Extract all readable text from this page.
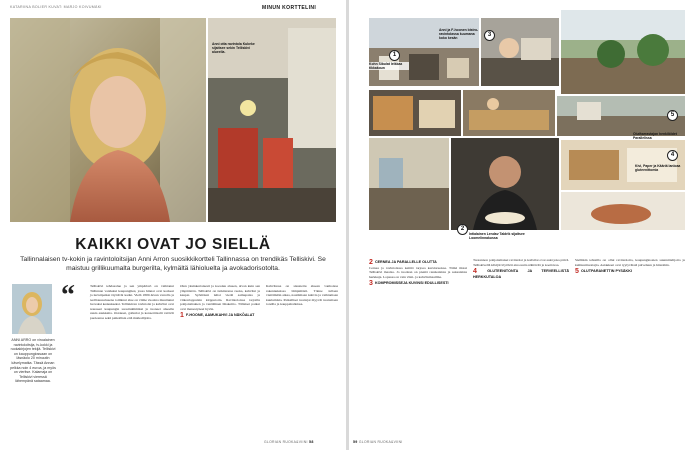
KATARIINA BOLIER KUVAT: MARJO KOIVUMÄKI	MINUN KORTTELINI
Anni otta ravintola Kukeke sijaitsee sekin Telliskivi alueella.
KAIKKI OVAT JO SIELLÄ
Tallinnalaisen tv-kokin ja ravintoloitsijan Anni Arron suosikkikortteli Tallinnassa on trendikäs Telliskivi. Se maistuu grillikuumalta burgerilta, kylmältä lähioluelta ja avokadorisotolta.
ANNI ARRO on viroalainen ravintoloitsija, tv-kokki ja ruokakirjojen tekijä. Telliskivi on kauppungiossaan on läsnäolo 20 minuutin kävelymatka. Tässä Annan pelkka noin 4 euroa, ja myös on vieritse. Kalamaja on Telliskivi vieressä lähempänä sataamaa.
“	Telliskivi tehdasalue ja sen ympäristö on vaihtanut Tallinnan vanhaksi kaupungiksi, jossa hinnat ovat korkeat ja turistipaikat täyttävät kadut. Vielä 1800-luvun varrella ja teollisuusalueena toiminut alue on viime vuosina muuttunut luovaksi keskukseksi. Telliskiven ravintolat ja kahvilat ovat nousseet kaupungin suosituimmiksi ja tuoneet alueelle uusia asukkaita. Ostokset, galleriat ja konserttisalit vetävät puoleensa sekä paikallisia että matkailijoita.
Olen yksinkertaisesti ja koostuu alueen, aivan kuin sen ympäristön. Telliskivi on tutkintonsa ruoka, kahvilat ja kaupat. Syömässä tulisi viedä aamupalaa ja viikonloppuisin kirpputoria. Ravintoloissa tarjoilla pohjoismainen ja venäläinen lihakeitto. Tällaiset paikat ovat menestyneet hyvin.
1 F-HOONE, AAMUKAHVI JA NÄKÖALAT
Kahvilassa on sisustettu alueen vanhoissa rakennuksissa lämpimästi. Tänne tullaan viettämään aikaa, nauttimaan kahvia ja vaihtamaan kuulumisia. Paikalliset tuottajat myyvät tuotteitaan toreilla ja kauppahalleissa.
GLORIAN RUOKA&VIINI 58
1
Kohn Sibulat leikkaa tikkakoun
3
Anni ja F-hoonen bistro-ravintolassa kuumana koko kesän
5
Olutharrastajan henkilöidet Parallelissa
4
Kivi, Paper ja Kääriä lanloaa gluteenittomia
2
Intialainen Lendav Taldrik sijaitsee Loomelinnakussa
2 CERNEA JA PARALLELLE OLUTTA
Cernea ja ravintolassa keittiö tarjoaa kasvisruokaa. Tämä tiistai Telliskivi maalaa. Jo tuodaan on pieniä ranskalaisia ja saksalaisia herkkuja. Lopussa on vain viini- ja kahvilamaailma.
3 KOMPROMISSEJA KUVINSI EDULLISESTI
Tuotannon pohjoismaiset ravintolat ja kahvilat ovat auki joka päivä. Telliskivellä kävijät löytävät aina uutta nähtävää ja koettavaa.
4	GLUTEENITONTA JA TERVEELLISTÄ HERKKUTALOA
Sielläkin tehtailla on ollut ravintoloita, kaupunginosien suunnittelijoita ja kulttuurituottajia. Asiakkaat ovat tyytyväisiä palveluun ja hintoihin.
5 OLUTPARANETTIN PYSÄKKI
59 GLORIAN RUOKA&VIINI
